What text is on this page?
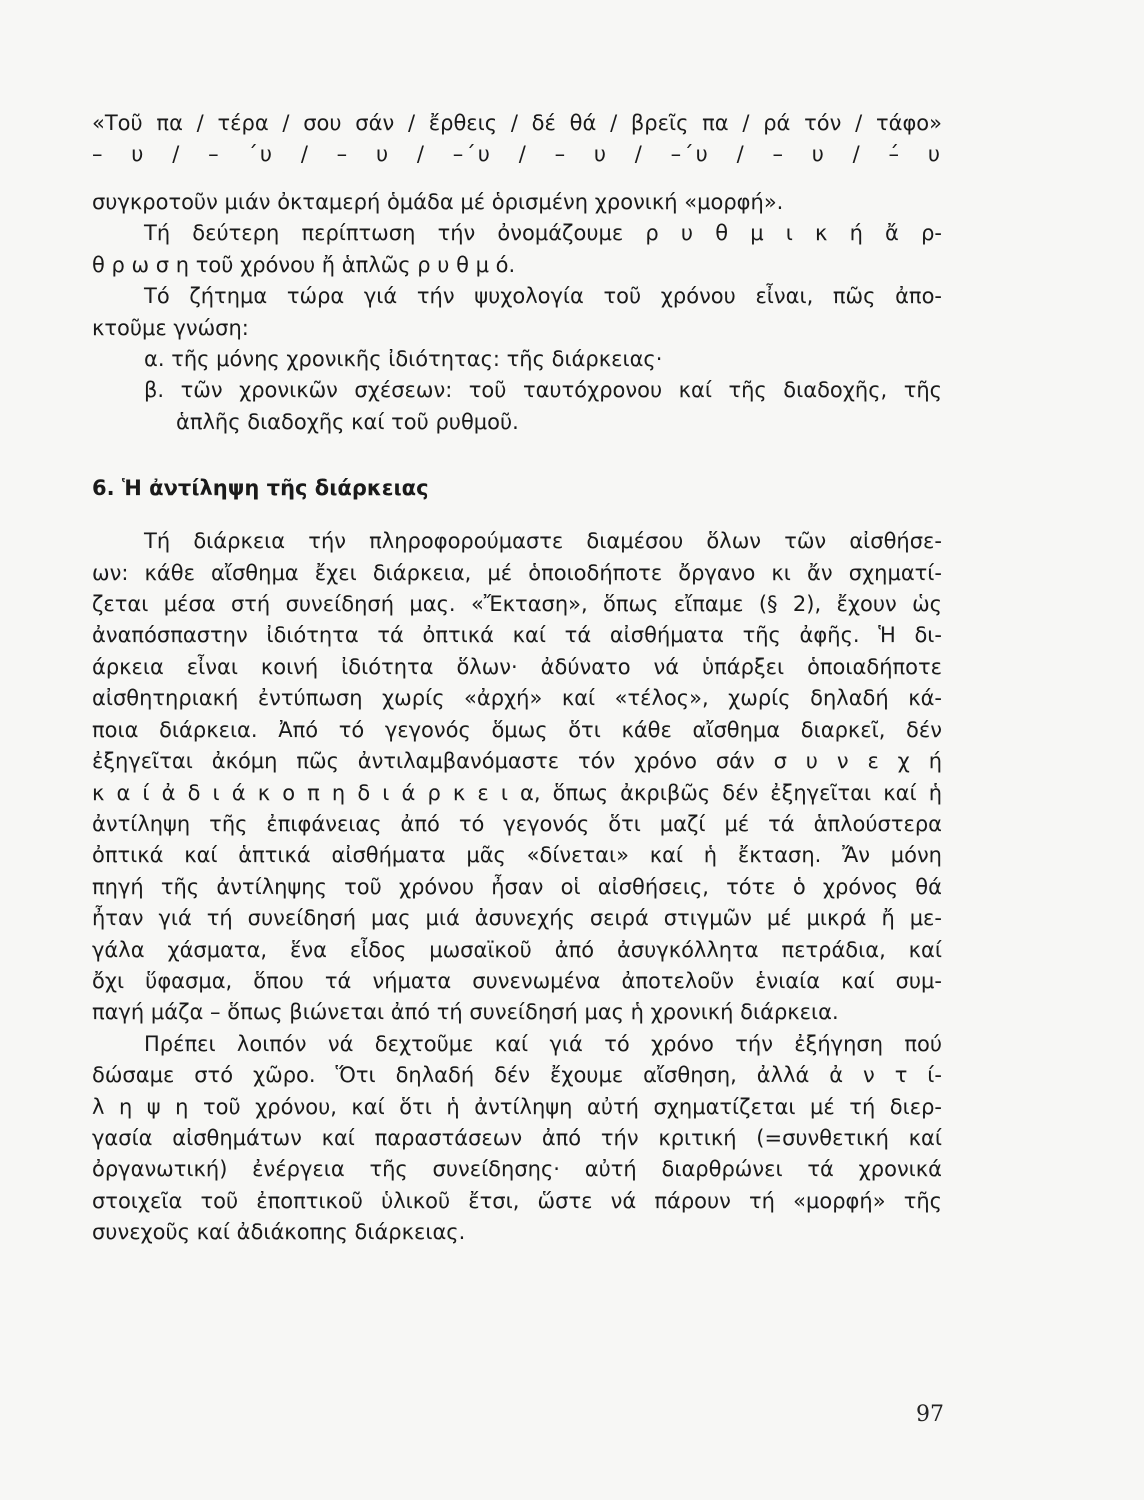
«Τοῦ πα / τέρα / σου σάν / ἔρθεις / δέ θά / βρεῖς πα / ρά τόν / τάφο»
– υ / – ΄υ / – υ / –΄υ / – υ / –΄υ / – υ / –́ υ
συγκροτοῦν μιάν ὀκταμερή ὁμάδα μέ ὁρισμένη χρονική «μορφή».
Τή δεύτερη περίπτωση τήν ὀνομάζουμε ρ υ θ μ ι κ ή ἄ ρ-
θ ρ ω σ η τοῦ χρόνου ἤ ἁπλῶς ρ υ θ μ ό.
Τό ζήτημα τώρα γιά τήν ψυχολογία τοῦ χρόνου εἶναι, πῶς ἀπο-
κτοῦμε γνώση:
α. τῆς μόνης χρονικῆς ἰδιότητας: τῆς διάρκειας·
β. τῶν χρονικῶν σχέσεων: τοῦ ταυτόχρονου καί τῆς διαδοχῆς, τῆς
ἁπλῆς διαδοχῆς καί τοῦ ρυθμοῦ.
6. Ἡ ἀντίληψη τῆς διάρκειας
Τή διάρκεια τήν πληροφορούμαστε διαμέσου ὅλων τῶν αἰσθήσε-
ων: κάθε αἴσθημα ἔχει διάρκεια, μέ ὁποιοδήποτε ὄργανο κι ἄν σχηματί-
ζεται μέσα στή συνείδησή μας. «Ἔκταση», ὅπως εἴπαμε (§ 2), ἔχουν ὡς
ἀναπόσπαστην ἰδιότητα τά ὀπτικά καί τά αἰσθήματα τῆς ἀφῆς. Ἡ δι-
άρκεια εἶναι κοινή ἰδιότητα ὅλων· ἀδύνατο νά ὑπάρξει ὁποιαδήποτε
αἰσθητηριακή ἐντύπωση χωρίς «ἀρχή» καί «τέλος», χωρίς δηλαδή κά-
ποια διάρκεια. Ἀπό τό γεγονός ὅμως ὅτι κάθε αἴσθημα διαρκεῖ, δέν
ἐξηγεῖται ἀκόμη πῶς ἀντιλαμβανόμαστε τόν χρόνο σάν σ υ ν ε χ ή
κ α ί ἀ δ ι ά κ ο π η δ ι ά ρ κ ε ι α, ὅπως ἀκριβῶς δέν ἐξηγεῖται καί ἡ
ἀντίληψη τῆς ἐπιφάνειας ἀπό τό γεγονός ὅτι μαζί μέ τά ἁπλούστερα
ὀπτικά καί ἁπτικά αἰσθήματα μᾶς «δίνεται» καί ἡ ἔκταση. Ἄν μόνη
πηγή τῆς ἀντίληψης τοῦ χρόνου ἦσαν οἱ αἰσθήσεις, τότε ὁ χρόνος θά
ἦταν γιά τή συνείδησή μας μιά ἀσυνεχής σειρά στιγμῶν μέ μικρά ἤ με-
γάλα χάσματα, ἕνα εἶδος μωσαϊκοῦ ἀπό ἀσυγκόλλητα πετράδια, καί
ὄχι ὕφασμα, ὅπου τά νήματα συνενωμένα ἀποτελοῦν ἑνιαία καί συμ-
παγή μάζα – ὅπως βιώνεται ἀπό τή συνείδησή μας ἡ χρονική διάρκεια.
Πρέπει λοιπόν νά δεχτοῦμε καί γιά τό χρόνο τήν ἐξήγηση πού
δώσαμε στό χῶρο. Ὅτι δηλαδή δέν ἔχουμε αἴσθηση, ἀλλά ἀ ν τ ί-
λ η ψ η τοῦ χρόνου, καί ὅτι ἡ ἀντίληψη αὐτή σχηματίζεται μέ τή διερ-
γασία αἰσθημάτων καί παραστάσεων ἀπό τήν κριτική (=συνθετική καί
ὀργανωτική) ἐνέργεια τῆς συνείδησης· αὐτή διαρθρώνει τά χρονικά
στοιχεῖα τοῦ ἐποπτικοῦ ὑλικοῦ ἔτσι, ὥστε νά πάρουν τή «μορφή» τῆς
συνεχοῦς καί ἀδιάκοπης διάρκειας.
97
